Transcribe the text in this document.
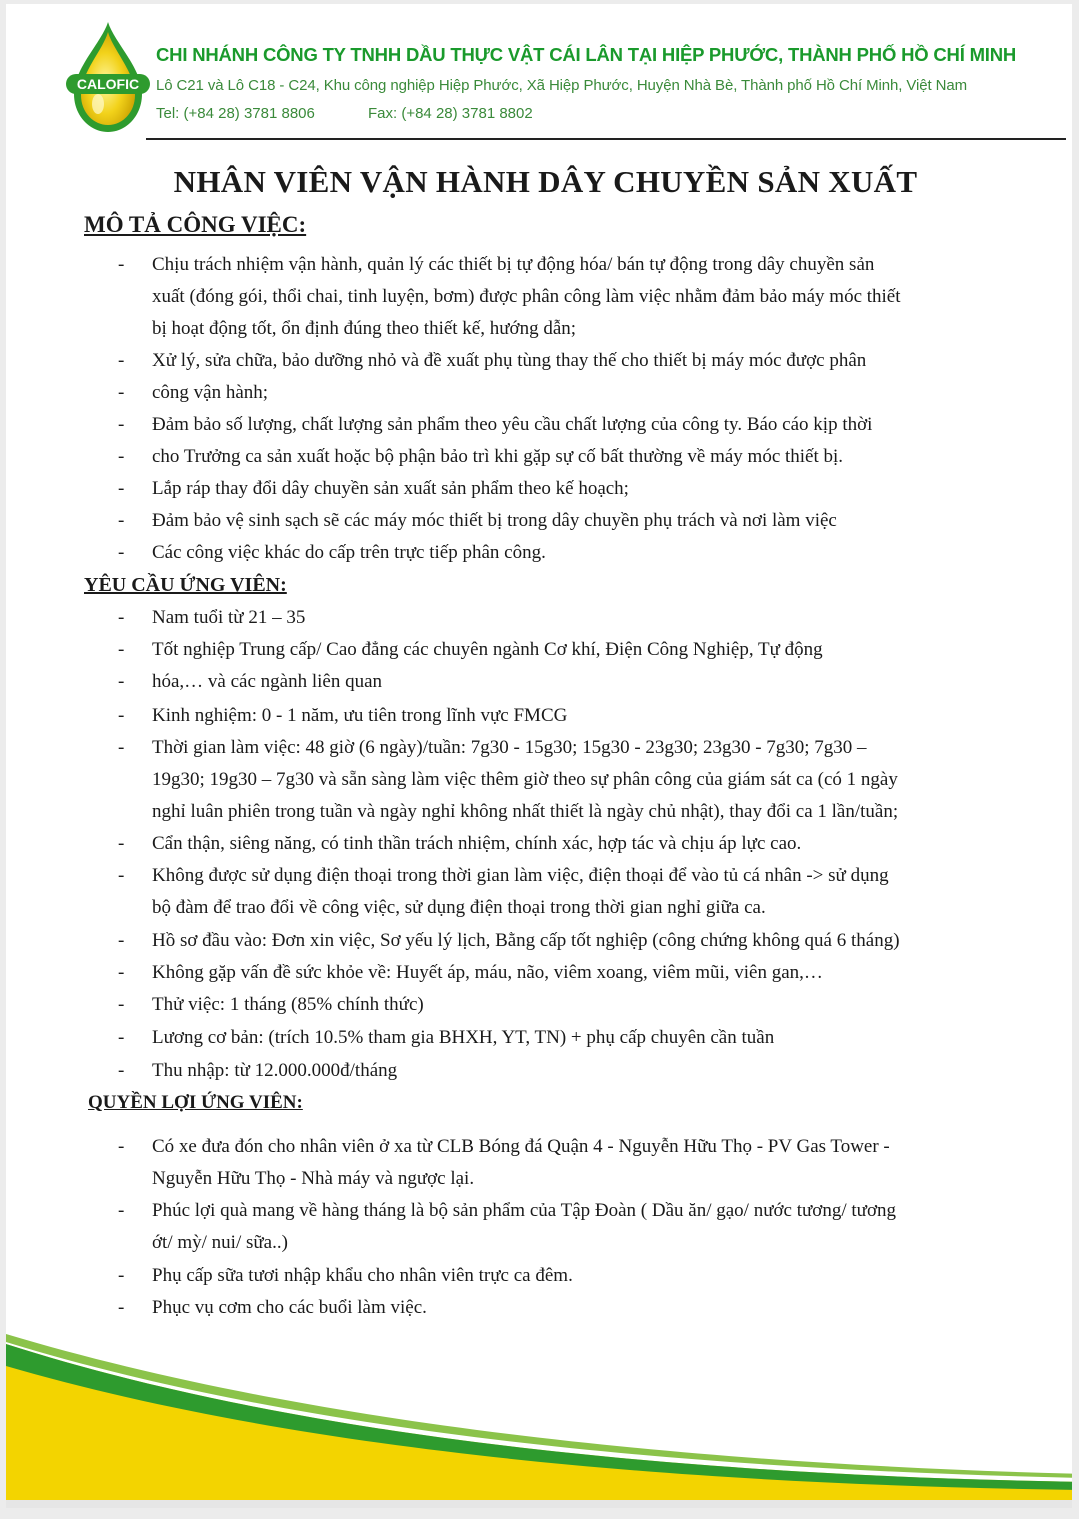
CALOFIC
CHI NHÁNH CÔNG TY TNHH DẦU THỰC VẬT CÁI LÂN TẠI HIỆP PHƯỚC, THÀNH PHỐ HỒ CHÍ MINH
Lô C21 và Lô C18 - C24, Khu công nghiệp Hiệp Phước, Xã Hiệp Phước, Huyện Nhà Bè, Thành phố Hồ Chí Minh, Việt Nam
Tel: (+84 28) 3781 8806	Fax: (+84 28) 3781 8802
NHÂN VIÊN VẬN HÀNH DÂY CHUYỀN SẢN XUẤT
MÔ TẢ CÔNG VIỆC:
- Chịu trách nhiệm vận hành, quản lý các thiết bị tự động hóa/ bán tự động trong dây chuyền sản
xuất (đóng gói, thổi chai, tinh luyện, bơm) được phân công làm việc nhằm đảm bảo máy móc thiết
bị hoạt động tốt, ổn định đúng theo thiết kế, hướng dẫn;
- Xử lý, sửa chữa, bảo dưỡng nhỏ và đề xuất phụ tùng thay thế cho thiết bị máy móc được phân
- công vận hành;
- Đảm bảo số lượng, chất lượng sản phẩm theo yêu cầu chất lượng của công ty. Báo cáo kịp thời
- cho Trưởng ca sản xuất hoặc bộ phận bảo trì khi gặp sự cố bất thường về máy móc thiết bị.
- Lắp ráp thay đổi dây chuyền sản xuất sản phẩm theo kế hoạch;
- Đảm bảo vệ sinh sạch sẽ các máy móc thiết bị trong dây chuyền phụ trách và nơi làm việc
- Các công việc khác do cấp trên trực tiếp phân công.
YÊU CẦU ỨNG VIÊN:
- Nam tuổi từ 21 – 35
- Tốt nghiệp Trung cấp/ Cao đẳng các chuyên ngành Cơ khí, Điện Công Nghiệp, Tự động
- hóa,… và các ngành liên quan
- Kinh nghiệm: 0 - 1 năm, ưu tiên trong lĩnh vực FMCG
- Thời gian làm việc: 48 giờ (6 ngày)/tuần: 7g30 - 15g30; 15g30 - 23g30; 23g30 - 7g30; 7g30 –
19g30; 19g30 – 7g30 và sẵn sàng làm việc thêm giờ theo sự phân công của giám sát ca (có 1 ngày
nghỉ luân phiên trong tuần và ngày nghỉ không nhất thiết là ngày chủ nhật), thay đổi ca 1 lần/tuần;
- Cẩn thận, siêng năng, có tinh thần trách nhiệm, chính xác, hợp tác và chịu áp lực cao.
- Không được sử dụng điện thoại trong thời gian làm việc, điện thoại để vào tủ cá nhân -> sử dụng
bộ đàm để trao đổi về công việc, sử dụng điện thoại trong thời gian nghỉ giữa ca.
- Hồ sơ đầu vào: Đơn xin việc, Sơ yếu lý lịch, Bằng cấp tốt nghiệp (công chứng không quá 6 tháng)
- Không gặp vấn đề sức khỏe về: Huyết áp, máu, não, viêm xoang, viêm mũi, viên gan,…
- Thử việc: 1 tháng (85% chính thức)
- Lương cơ bản: (trích 10.5% tham gia BHXH, YT, TN) + phụ cấp chuyên cần tuần
- Thu nhập: từ 12.000.000đ/tháng
QUYỀN LỢI ỨNG VIÊN:
- Có xe đưa đón cho nhân viên ở xa từ CLB Bóng đá Quận 4 - Nguyễn Hữu Thọ - PV Gas Tower -
Nguyễn Hữu Thọ - Nhà máy và ngược lại.
- Phúc lợi quà mang về hàng tháng là bộ sản phẩm của Tập Đoàn ( Dầu ăn/ gạo/ nước tương/ tương
ớt/ mỳ/ nui/ sữa..)
- Phụ cấp sữa tươi nhập khẩu cho nhân viên trực ca đêm.
- Phục vụ cơm cho các buổi làm việc.
